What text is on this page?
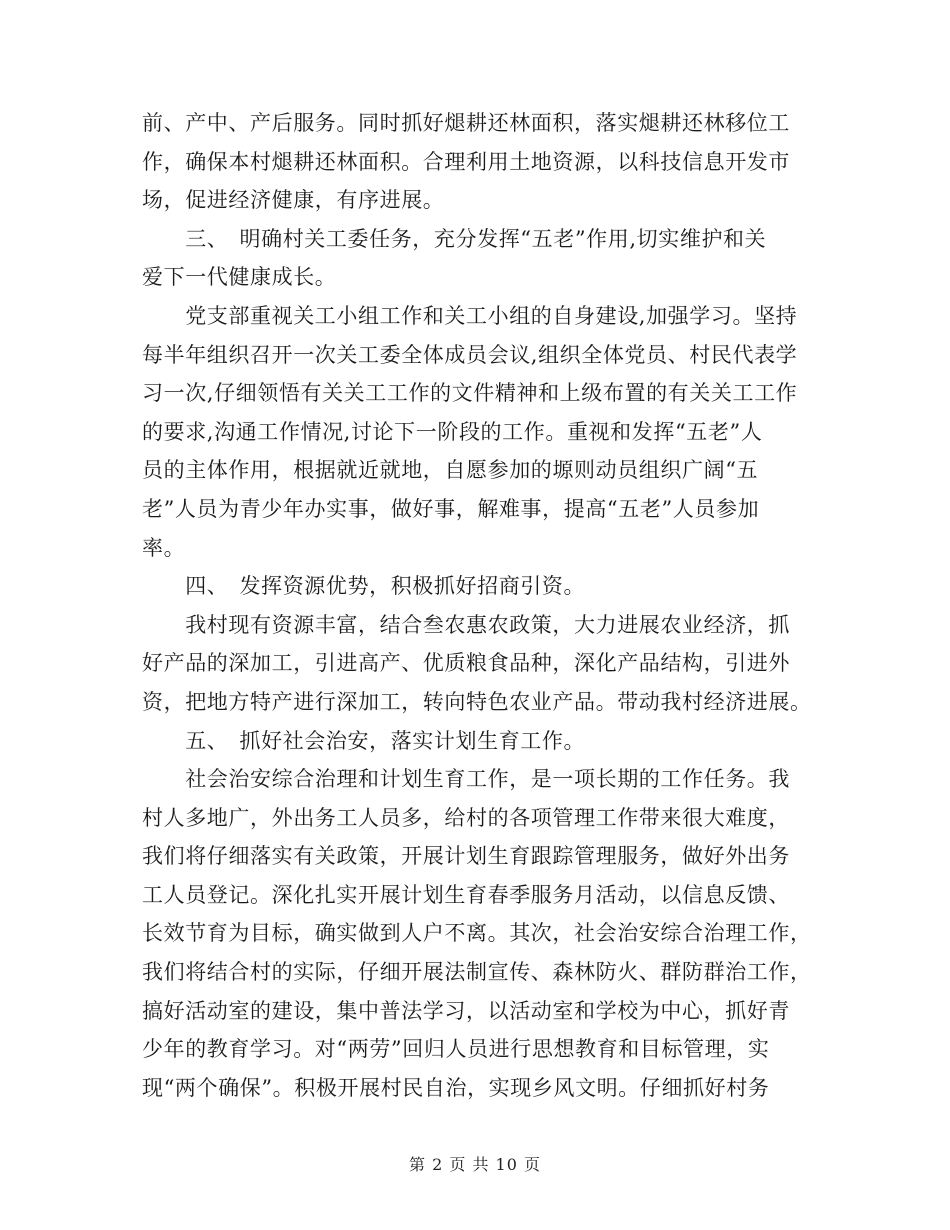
前、产中、产后服务。同时抓好煺耕还林面积，落实煺耕还林移位工
作，确保本村煺耕还林面积。合理利用土地资源，以科技信息开发市
场，促进经济健康，有序进展。
　　三、　明确村关工委任务，充分发挥“五老”作用,切实维护和关
爱下一代健康成长。
　　党支部重视关工小组工作和关工小组的自身建设,加强学习。坚持
每半年组织召开一次关工委全体成员会议,组织全体党员、村民代表学
习一次,仔细领悟有关关工工作的文件精神和上级布置的有关关工工作
的要求,沟通工作情况,讨论下一阶段的工作。重视和发挥“五老”人
员的主体作用，根据就近就地，自愿参加的塬则动员组织广阔“五
老”人员为青少年办实事，做好事，解难事，提高“五老”人员参加
率。
　　四、　发挥资源优势，积极抓好招商引资。
　　我村现有资源丰富，结合叁农惠农政策，大力进展农业经济，抓
好产品的深加工，引进高产、优质粮食品种，深化产品结构，引进外
资，把地方特产进行深加工，转向特色农业产品。带动我村经济进展。
　　五、　抓好社会治安，落实计划生育工作。
　　社会治安综合治理和计划生育工作，是一项长期的工作任务。我
村人多地广，外出务工人员多，给村的各项管理工作带来很大难度，
我们将仔细落实有关政策，开展计划生育跟踪管理服务，做好外出务
工人员登记。深化扎实开展计划生育春季服务月活动，以信息反馈、
长效节育为目标，确实做到人户不离。其次，社会治安综合治理工作，
我们将结合村的实际，仔细开展法制宣传、森林防火、群防群治工作，
搞好活动室的建设，集中普法学习，以活动室和学校为中心，抓好青
少年的教育学习。对“两劳”回归人员进行思想教育和目标管理，实
现“两个确保”。积极开展村民自治，实现乡风文明。仔细抓好村务
第 2 页 共 10 页
